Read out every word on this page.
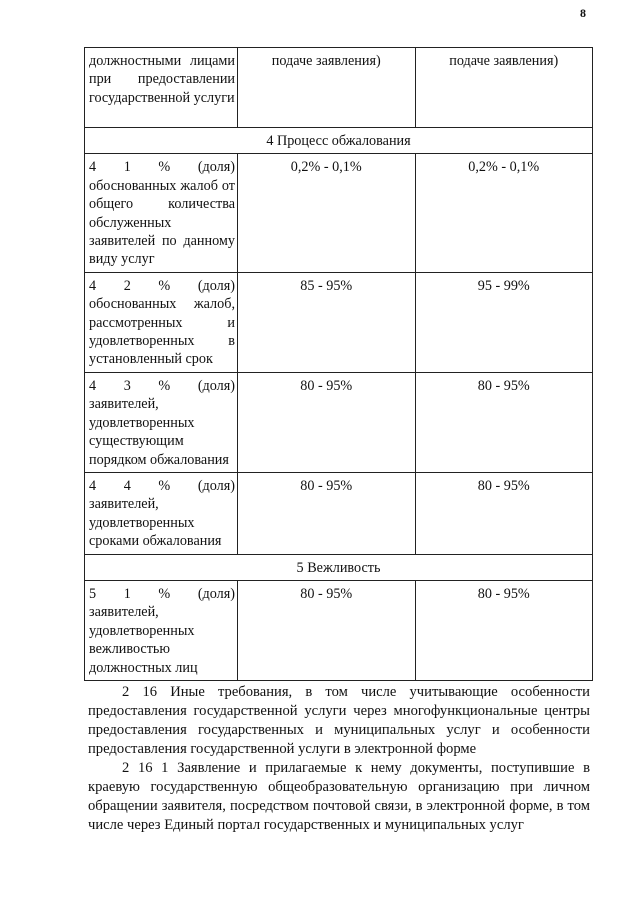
8
должностными лицами при предоставлении государственной услуги	подаче заявления)	подаче заявления)
4 Процесс обжалования		
4 1 % (доля) обоснованных жалоб от общего количества обслуженных заявителей по данному виду услуг	0,2% - 0,1%	0,2% - 0,1%
4 2 % (доля) обоснованных жалоб, рассмотренных и удовлетворенных в установленный срок	85 - 95%	95 - 99%
4 3 % (доля) заявителей, удовлетворенных существующим порядком обжалования	80 - 95%	80 - 95%
4 4 % (доля) заявителей, удовлетворенных сроками обжалования	80 - 95%	80 - 95%
5 Вежливость		
5 1 % (доля) заявителей, удовлетворенных вежливостью должностных лиц	80 - 95%	80 - 95%

2 16 Иные требования, в том числе учитывающие особенности предоставления государственной услуги через многофункциональные центры предоставления государственных и муниципальных услуг и особенности предоставления государственной услуги в электронной форме

2 16 1 Заявление и прилагаемые к нему документы, поступившие в краевую государственную общеобразовательную организацию при личном обращении заявителя, посредством почтовой связи, в электронной форме, в том числе через Единый портал государственных и муниципальных услуг
